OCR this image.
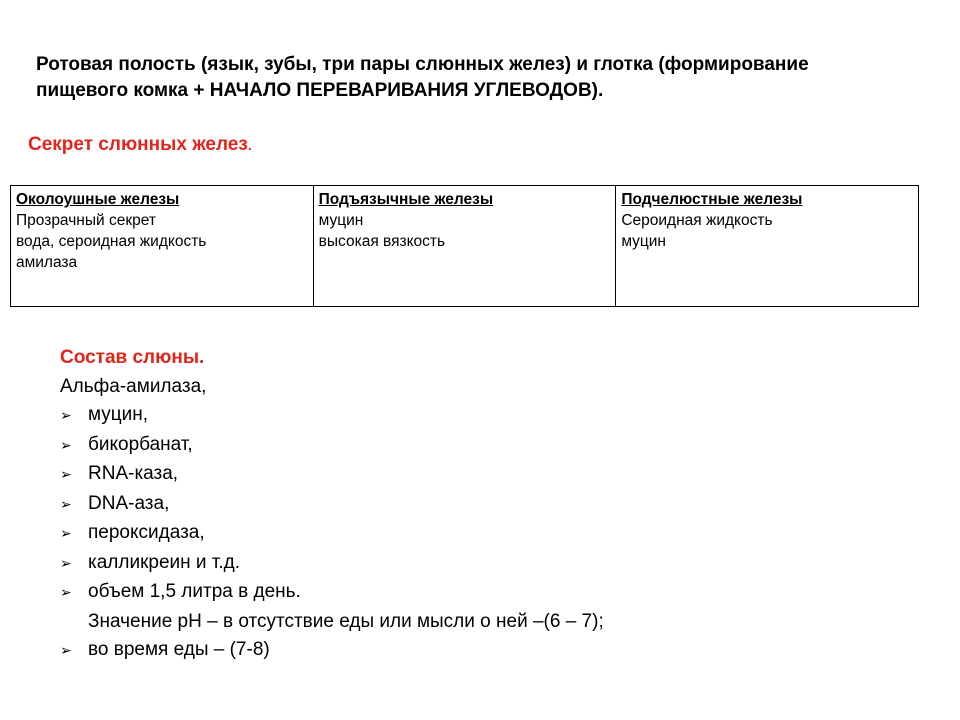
Ротовая полость (язык, зубы, три пары слюнных желез) и глотка (формирование
пищевого комка + НАЧАЛО ПЕРЕВАРИВАНИЯ УГЛЕВОДОВ).
Секрет слюнных желез.
Околоушные железы
Прозрачный секрет
вода, сероидная жидкость
амилаза

Подъязычные железы
муцин
высокая вязкость

Подчелюстные железы
Сероидная жидкость
муцин
Состав слюны.
Альфа-амилаза,
➢ муцин,
➢ бикорбанат,
➢ RNA-каза,
➢ DNA-аза,
➢ пероксидаза,
➢ калликреин и т.д.
➢ объем 1,5 литра в день.
Значение рН – в отсутствие еды или мысли о ней –(6 – 7);
➢ во время еды – (7-8)
